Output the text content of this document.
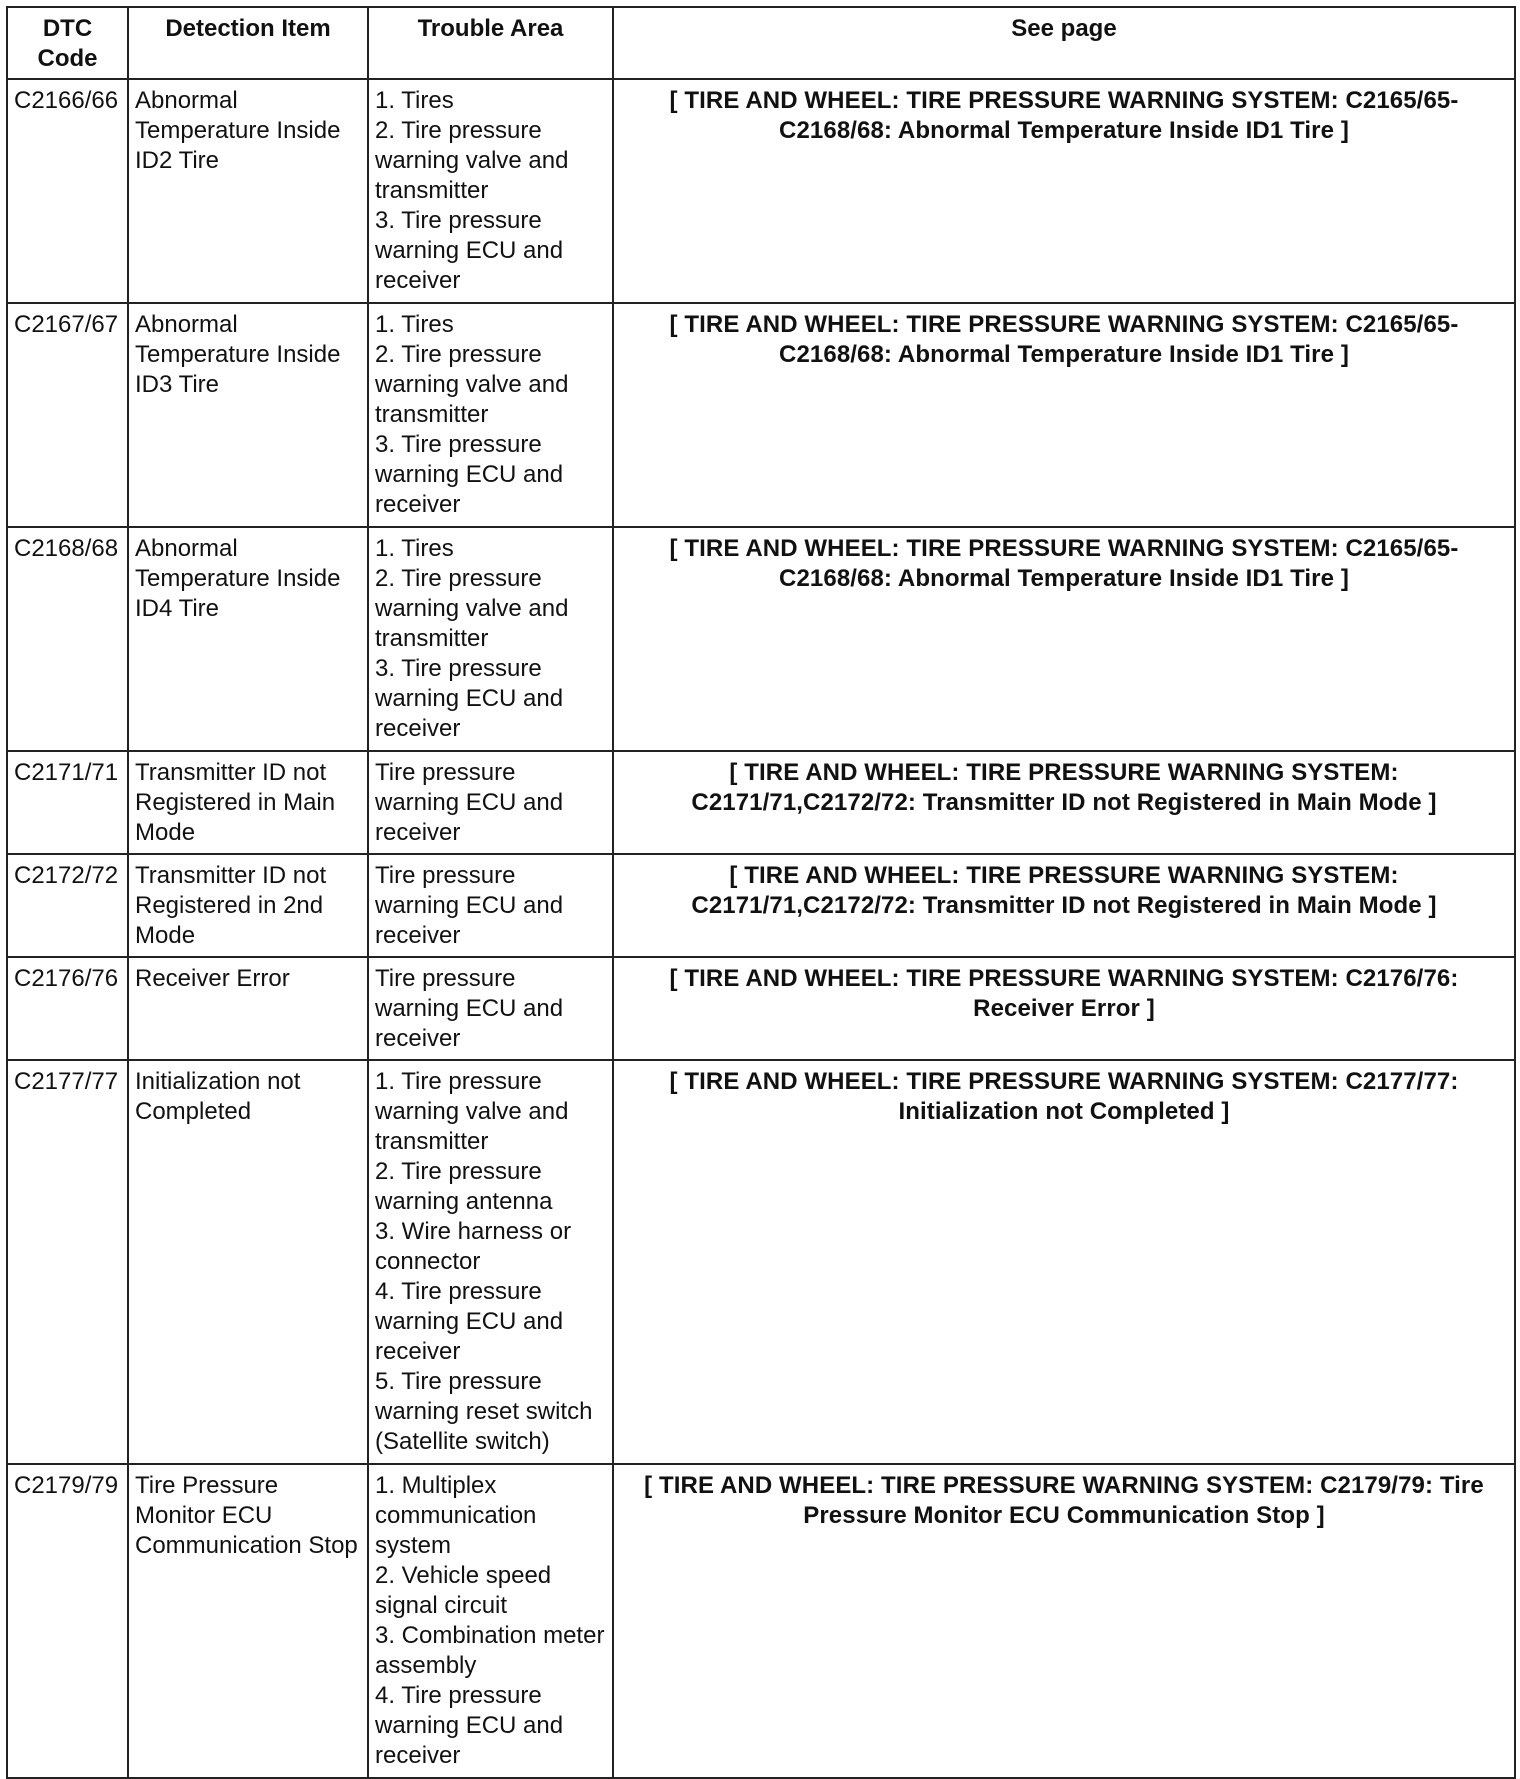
DTC
Code	Detection Item	Trouble Area	See page
C2166/66	Abnormal Temperature Inside ID2 Tire	1. Tires
2. Tire pressure warning valve and transmitter
3. Tire pressure warning ECU and receiver	[ TIRE AND WHEEL: TIRE PRESSURE WARNING SYSTEM: C2165/65-C2168/68: Abnormal Temperature Inside ID1 Tire ]
C2167/67	Abnormal Temperature Inside ID3 Tire	1. Tires
2. Tire pressure warning valve and transmitter
3. Tire pressure warning ECU and receiver	[ TIRE AND WHEEL: TIRE PRESSURE WARNING SYSTEM: C2165/65-C2168/68: Abnormal Temperature Inside ID1 Tire ]
C2168/68	Abnormal Temperature Inside ID4 Tire	1. Tires
2. Tire pressure warning valve and transmitter
3. Tire pressure warning ECU and receiver	[ TIRE AND WHEEL: TIRE PRESSURE WARNING SYSTEM: C2165/65-C2168/68: Abnormal Temperature Inside ID1 Tire ]
C2171/71	Transmitter ID not Registered in Main Mode	Tire pressure warning ECU and receiver	[ TIRE AND WHEEL: TIRE PRESSURE WARNING SYSTEM: C2171/71,C2172/72: Transmitter ID not Registered in Main Mode ]
C2172/72	Transmitter ID not Registered in 2nd Mode	Tire pressure warning ECU and receiver	[ TIRE AND WHEEL: TIRE PRESSURE WARNING SYSTEM: C2171/71,C2172/72: Transmitter ID not Registered in Main Mode ]
C2176/76	Receiver Error	Tire pressure warning ECU and receiver	[ TIRE AND WHEEL: TIRE PRESSURE WARNING SYSTEM: C2176/76: Receiver Error ]
C2177/77	Initialization not Completed	1. Tire pressure warning valve and transmitter
2. Tire pressure warning antenna
3. Wire harness or connector
4. Tire pressure warning ECU and receiver
5. Tire pressure warning reset switch (Satellite switch)	[ TIRE AND WHEEL: TIRE PRESSURE WARNING SYSTEM: C2177/77: Initialization not Completed ]
C2179/79	Tire Pressure Monitor ECU Communication Stop	1. Multiplex communication system
2. Vehicle speed signal circuit
3. Combination meter assembly
4. Tire pressure warning ECU and receiver	[ TIRE AND WHEEL: TIRE PRESSURE WARNING SYSTEM: C2179/79: Tire Pressure Monitor ECU Communication Stop ]
